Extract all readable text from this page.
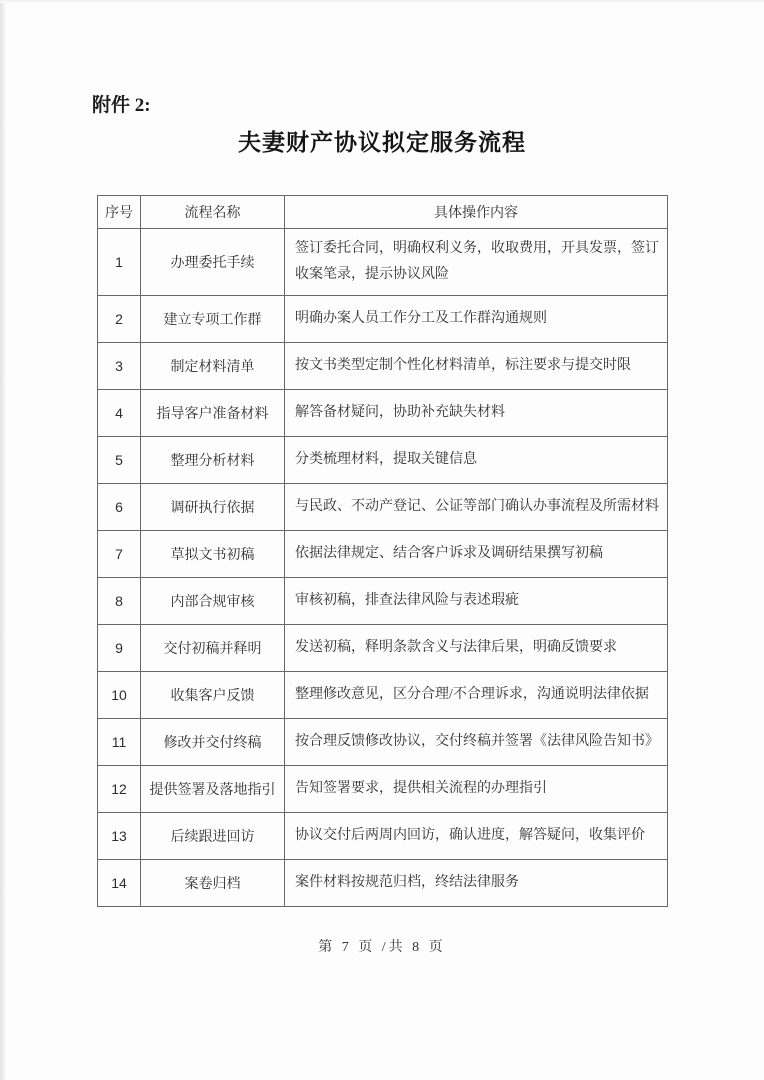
附件 2:
夫妻财产协议拟定服务流程
序号	流程名称	具体操作内容
1	办理委托手续	签订委托合同，明确权利义务，收取费用，开具发票，签订收案笔录，提示协议风险
2	建立专项工作群	明确办案人员工作分工及工作群沟通规则
3	制定材料清单	按文书类型定制个性化材料清单，标注要求与提交时限
4	指导客户准备材料	解答备材疑问，协助补充缺失材料
5	整理分析材料	分类梳理材料，提取关键信息
6	调研执行依据	与民政、不动产登记、公证等部门确认办事流程及所需材料
7	草拟文书初稿	依据法律规定、结合客户诉求及调研结果撰写初稿
8	内部合规审核	审核初稿，排查法律风险与表述瑕疵
9	交付初稿并释明	发送初稿，释明条款含义与法律后果，明确反馈要求
10	收集客户反馈	整理修改意见，区分合理/不合理诉求，沟通说明法律依据
11	修改并交付终稿	按合理反馈修改协议，交付终稿并签署《法律风险告知书》
12	提供签署及落地指引	告知签署要求，提供相关流程的办理指引
13	后续跟进回访	协议交付后两周内回访，确认进度，解答疑问，收集评价
14	案卷归档	案件材料按规范归档，终结法律服务
第 7 页 /共 8 页
